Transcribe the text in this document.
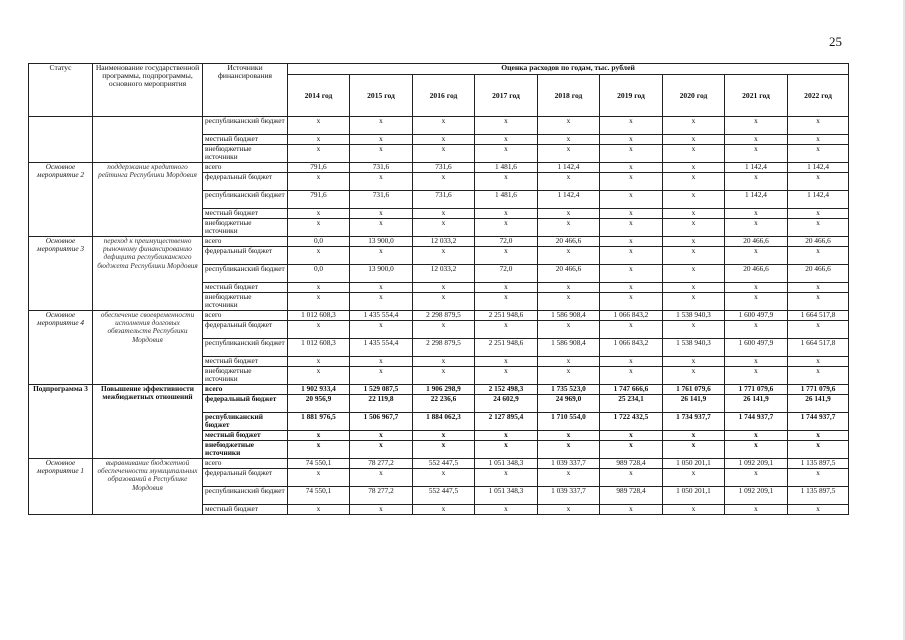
25
Статус	Наименование государственной программы, подпрограммы, основного мероприятия	Источники финансирования	Оценка расходов по годам, тыс. рублей								
			2014 год	2015 год	2016 год	2017 год	2018 год	2019 год	2020 год	2021 год	2022 год
		республиканский бюджет	х	х	х	х	х	х	х	х	х
		местный бюджет	х	х	х	х	х	х	х	х	х
		внебюджетные источники	х	х	х	х	х	х	х	х	х
Основное мероприятие 2	поддержание кредитного рейтинга Республики Мордовия	всего	791,6	731,6	731,6	1 481,6	1 142,4	х	х	1 142,4	1 142,4
		федеральный бюджет	х	х	х	х	х	х	х	х	х
		республиканский бюджет	791,6	731,6	731,6	1 481,6	1 142,4	х	х	1 142,4	1 142,4
		местный бюджет	х	х	х	х	х	х	х	х	х
		внебюджетные источники	х	х	х	х	х	х	х	х	х
Основное мероприятие 3	переход к преимущественно рыночному финансированию дефицита республиканского бюджета Республики Мордовия	всего	0,0	13 900,0	12 033,2	72,0	20 466,6	х	х	20 466,6	20 466,6
		федеральный бюджет	х	х	х	х	х	х	х	х	х
		республиканский бюджет	0,0	13 900,0	12 033,2	72,0	20 466,6	х	х	20 466,6	20 466,6
		местный бюджет	х	х	х	х	х	х	х	х	х
		внебюджетные источники	х	х	х	х	х	х	х	х	х
Основное мероприятие 4	обеспечение своевременности исполнения долговых обязательств Республики Мордовия	всего	1 012 608,3	1 435 554,4	2 298 879,5	2 251 948,6	1 586 908,4	1 066 843,2	1 538 940,3	1 600 497,9	1 664 517,8
		федеральный бюджет	х	х	х	х	х	х	х	х	х
		республиканский бюджет	1 012 608,3	1 435 554,4	2 298 879,5	2 251 948,6	1 586 908,4	1 066 843,2	1 538 940,3	1 600 497,9	1 664 517,8
		местный бюджет	х	х	х	х	х	х	х	х	х
		внебюджетные источники	х	х	х	х	х	х	х	х	х
Подпрограмма 3	Повышение эффективности межбюджетных отношений	всего	1 902 933,4	1 529 087,5	1 906 298,9	2 152 498,3	1 735 523,0	1 747 666,6	1 761 079,6	1 771 079,6	1 771 079,6
		федеральный бюджет	20 956,9	22 119,8	22 236,6	24 602,9	24 969,0	25 234,1	26 141,9	26 141,9	26 141,9
		республиканский бюджет	1 881 976,5	1 506 967,7	1 884 062,3	2 127 895,4	1 710 554,0	1 722 432,5	1 734 937,7	1 744 937,7	1 744 937,7
		местный бюджет	х	х	х	х	х	х	х	х	х
		внебюджетные источники	х	х	х	х	х	х	х	х	х
Основное мероприятие 1	выравнивание бюджетной обеспеченности муниципальных образований в Республике Мордовия	всего	74 550,1	78 277,2	552 447,5	1 051 348,3	1 039 337,7	989 728,4	1 050 201,1	1 092 209,1	1 135 897,5
		федеральный бюджет	х	х	х	х	х	х	х	х	х
		республиканский бюджет	74 550,1	78 277,2	552 447,5	1 051 348,3	1 039 337,7	989 728,4	1 050 201,1	1 092 209,1	1 135 897,5
		местный бюджет	х	х	х	х	х	х	х	х	х
